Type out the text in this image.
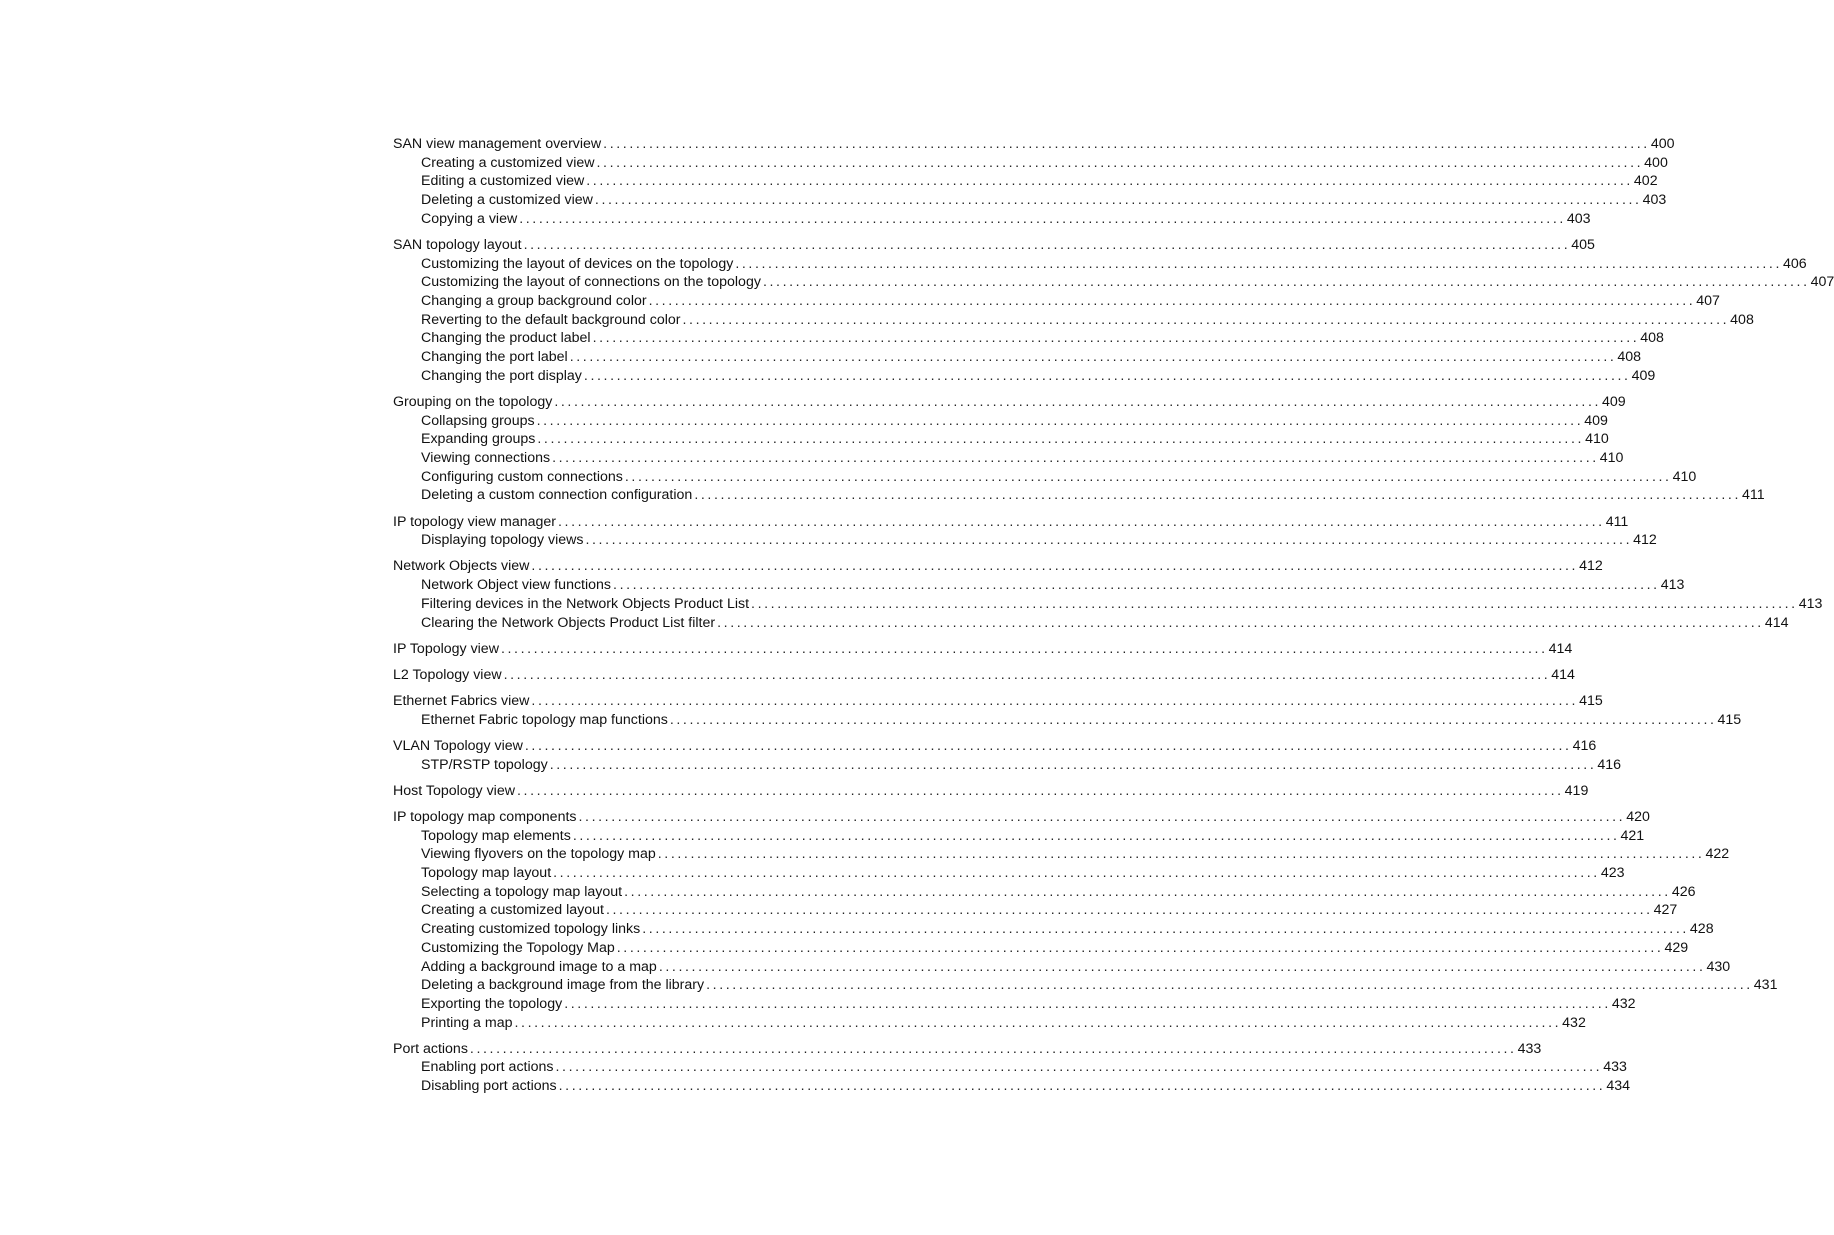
SAN view management overview ................................................................................................................................................................ 400
Creating a customized view ................................................................................................................................................................ 400
Editing a customized view ................................................................................................................................................................ 402
Deleting a customized view ................................................................................................................................................................ 403
Copying a view ................................................................................................................................................................ 403
SAN topology layout ................................................................................................................................................................ 405
Customizing the layout of devices on the topology ................................................................................................................................................................ 406
Customizing the layout of connections on the topology ................................................................................................................................................................ 407
Changing a group background color ................................................................................................................................................................ 407
Reverting to the default background color ................................................................................................................................................................ 408
Changing the product label ................................................................................................................................................................ 408
Changing the port label ................................................................................................................................................................ 408
Changing the port display ................................................................................................................................................................ 409
Grouping on the topology ................................................................................................................................................................ 409
Collapsing groups ................................................................................................................................................................ 409
Expanding groups ................................................................................................................................................................ 410
Viewing connections ................................................................................................................................................................ 410
Configuring custom connections ................................................................................................................................................................ 410
Deleting a custom connection configuration ................................................................................................................................................................ 411
IP topology view manager ................................................................................................................................................................ 411
Displaying topology views ................................................................................................................................................................ 412
Network Objects view ................................................................................................................................................................ 412
Network Object view functions ................................................................................................................................................................ 413
Filtering devices in the Network Objects Product List ................................................................................................................................................................ 413
Clearing the Network Objects Product List filter ................................................................................................................................................................ 414
IP Topology view ................................................................................................................................................................ 414
L2 Topology view ................................................................................................................................................................ 414
Ethernet Fabrics view ................................................................................................................................................................ 415
Ethernet Fabric topology map functions ................................................................................................................................................................ 415
VLAN Topology view ................................................................................................................................................................ 416
STP/RSTP topology ................................................................................................................................................................ 416
Host Topology view ................................................................................................................................................................ 419
IP topology map components ................................................................................................................................................................ 420
Topology map elements ................................................................................................................................................................ 421
Viewing flyovers on the topology map ................................................................................................................................................................ 422
Topology map layout ................................................................................................................................................................ 423
Selecting a topology map layout ................................................................................................................................................................ 426
Creating a customized layout ................................................................................................................................................................ 427
Creating customized topology links ................................................................................................................................................................ 428
Customizing the Topology Map ................................................................................................................................................................ 429
Adding a background image to a map ................................................................................................................................................................ 430
Deleting a background image from the library ................................................................................................................................................................ 431
Exporting the topology ................................................................................................................................................................ 432
Printing a map ................................................................................................................................................................ 432
Port actions ................................................................................................................................................................ 433
Enabling port actions ................................................................................................................................................................ 433
Disabling port actions ................................................................................................................................................................ 434
